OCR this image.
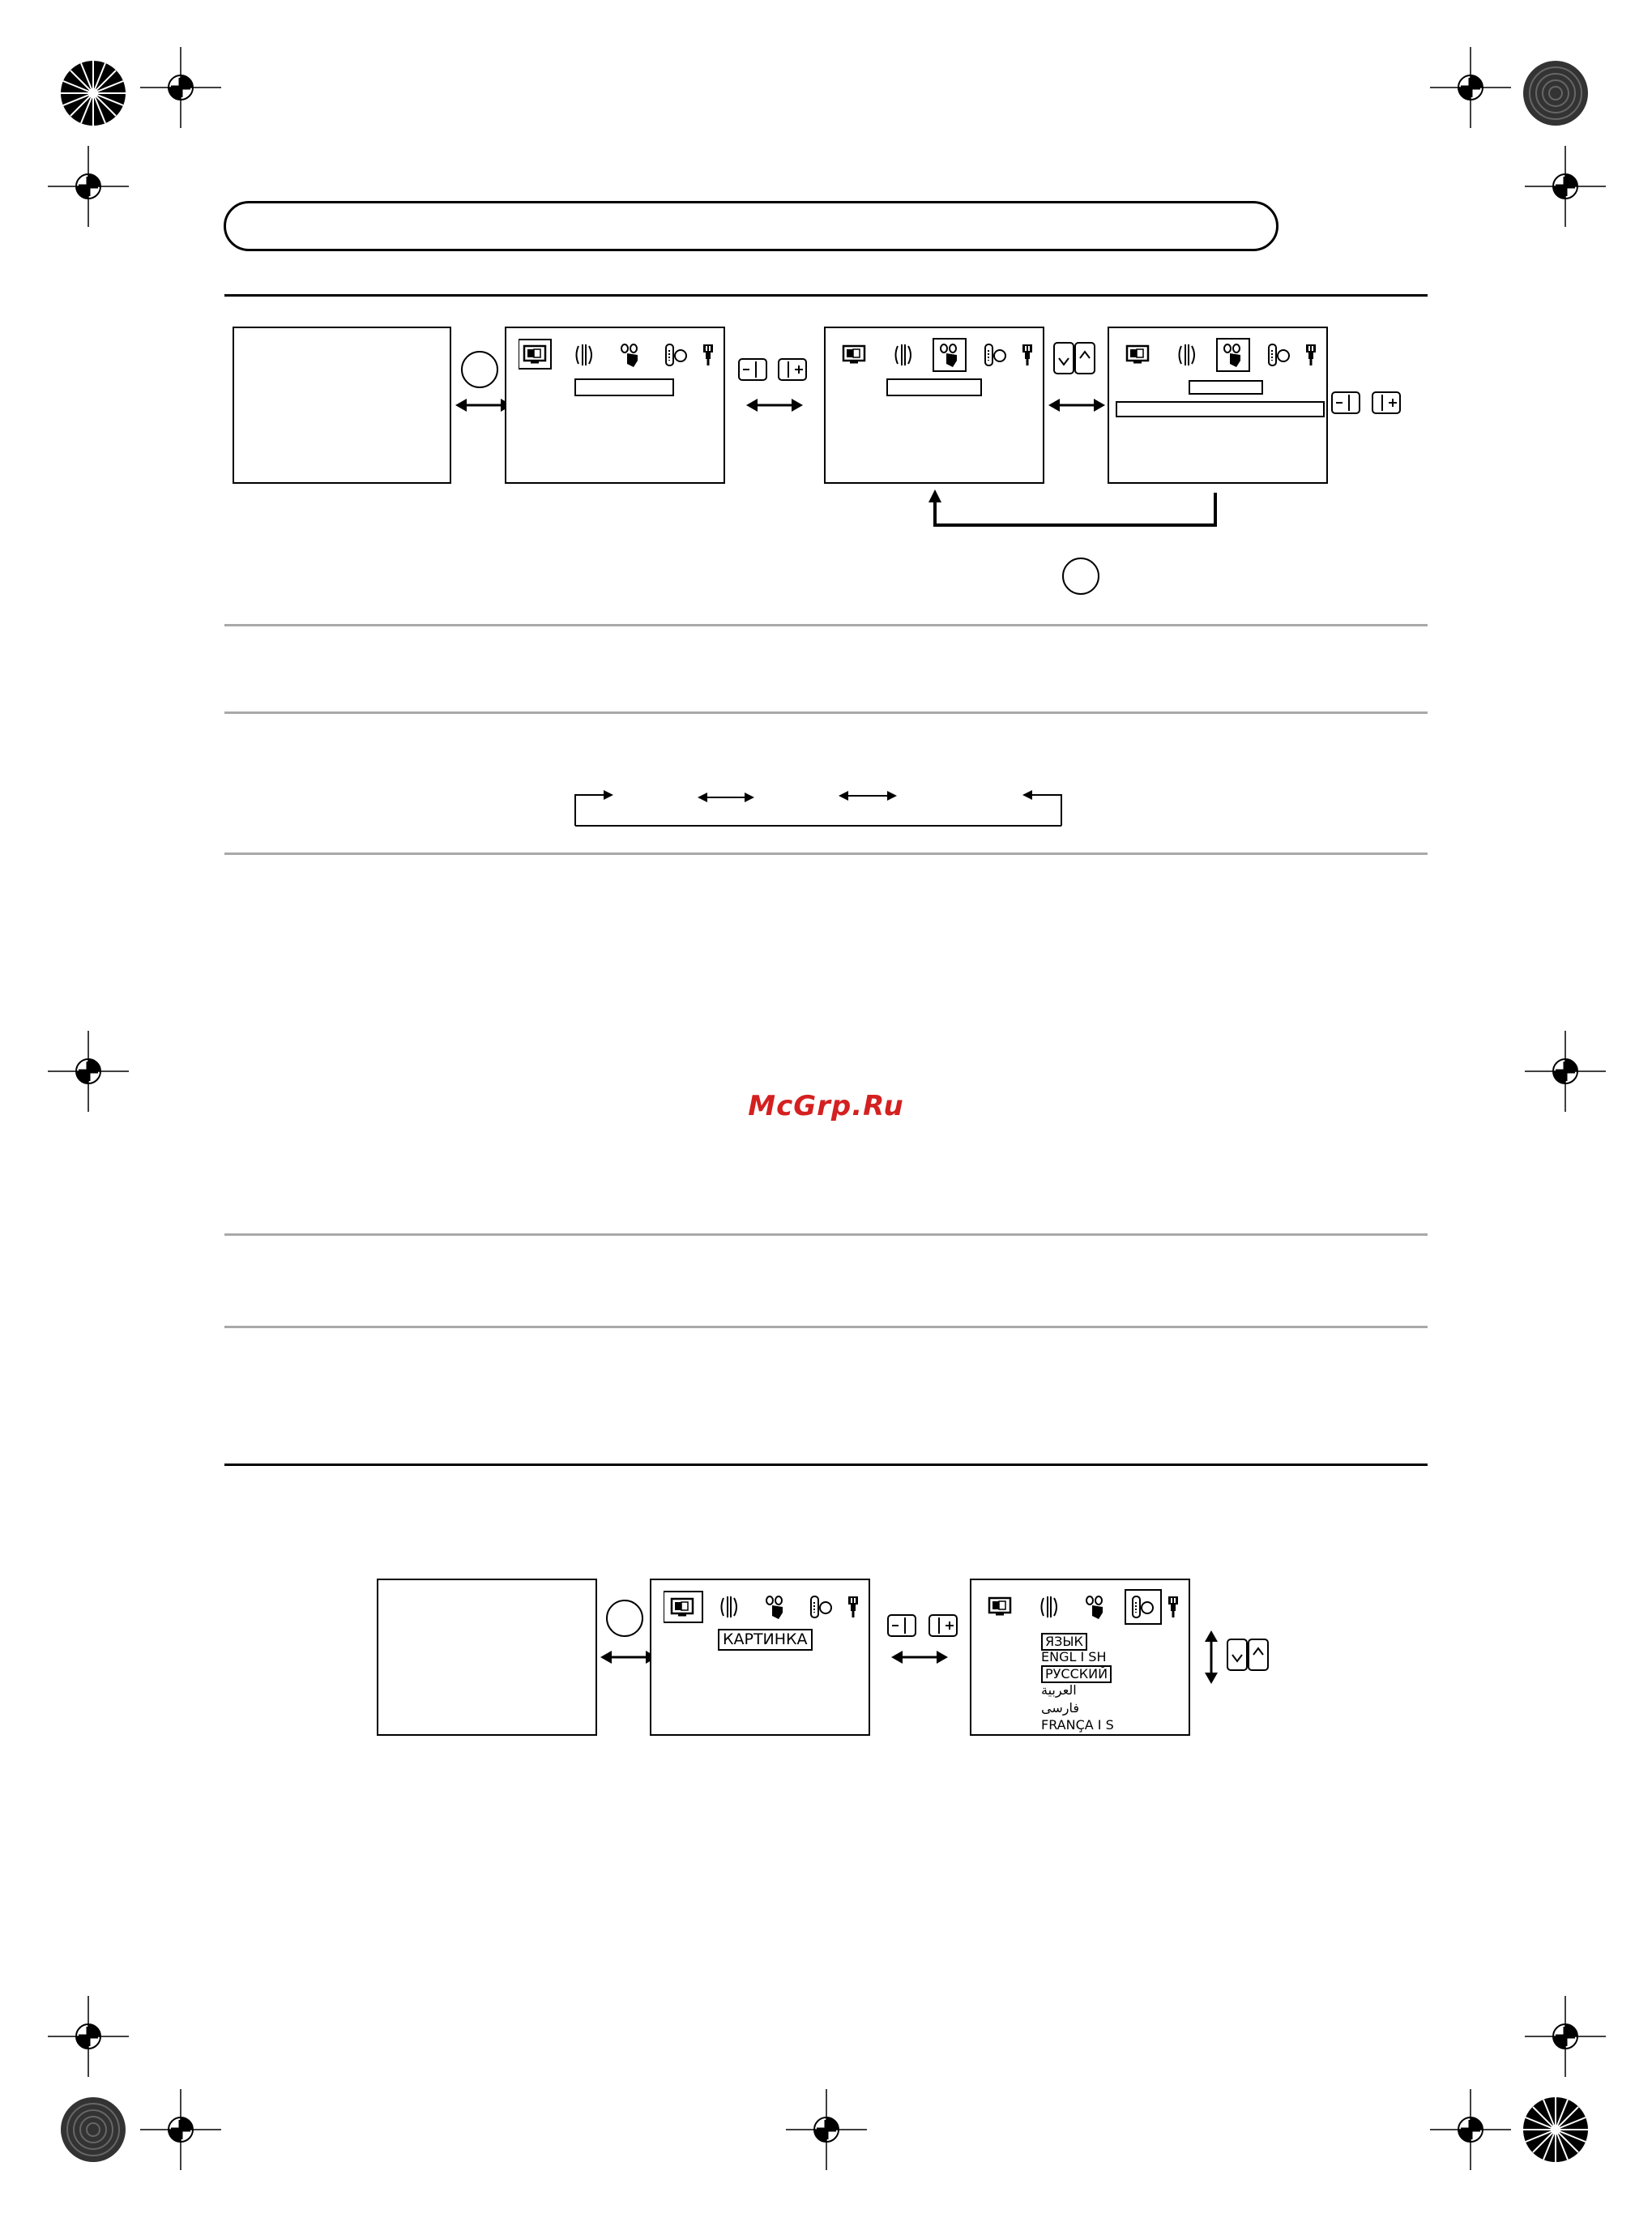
McGrp.Ru
КАРТИНКА	ЯЗЫК
ENGL I SH
РУССКИЙ
العربية
فارسی
FRANÇA I S
